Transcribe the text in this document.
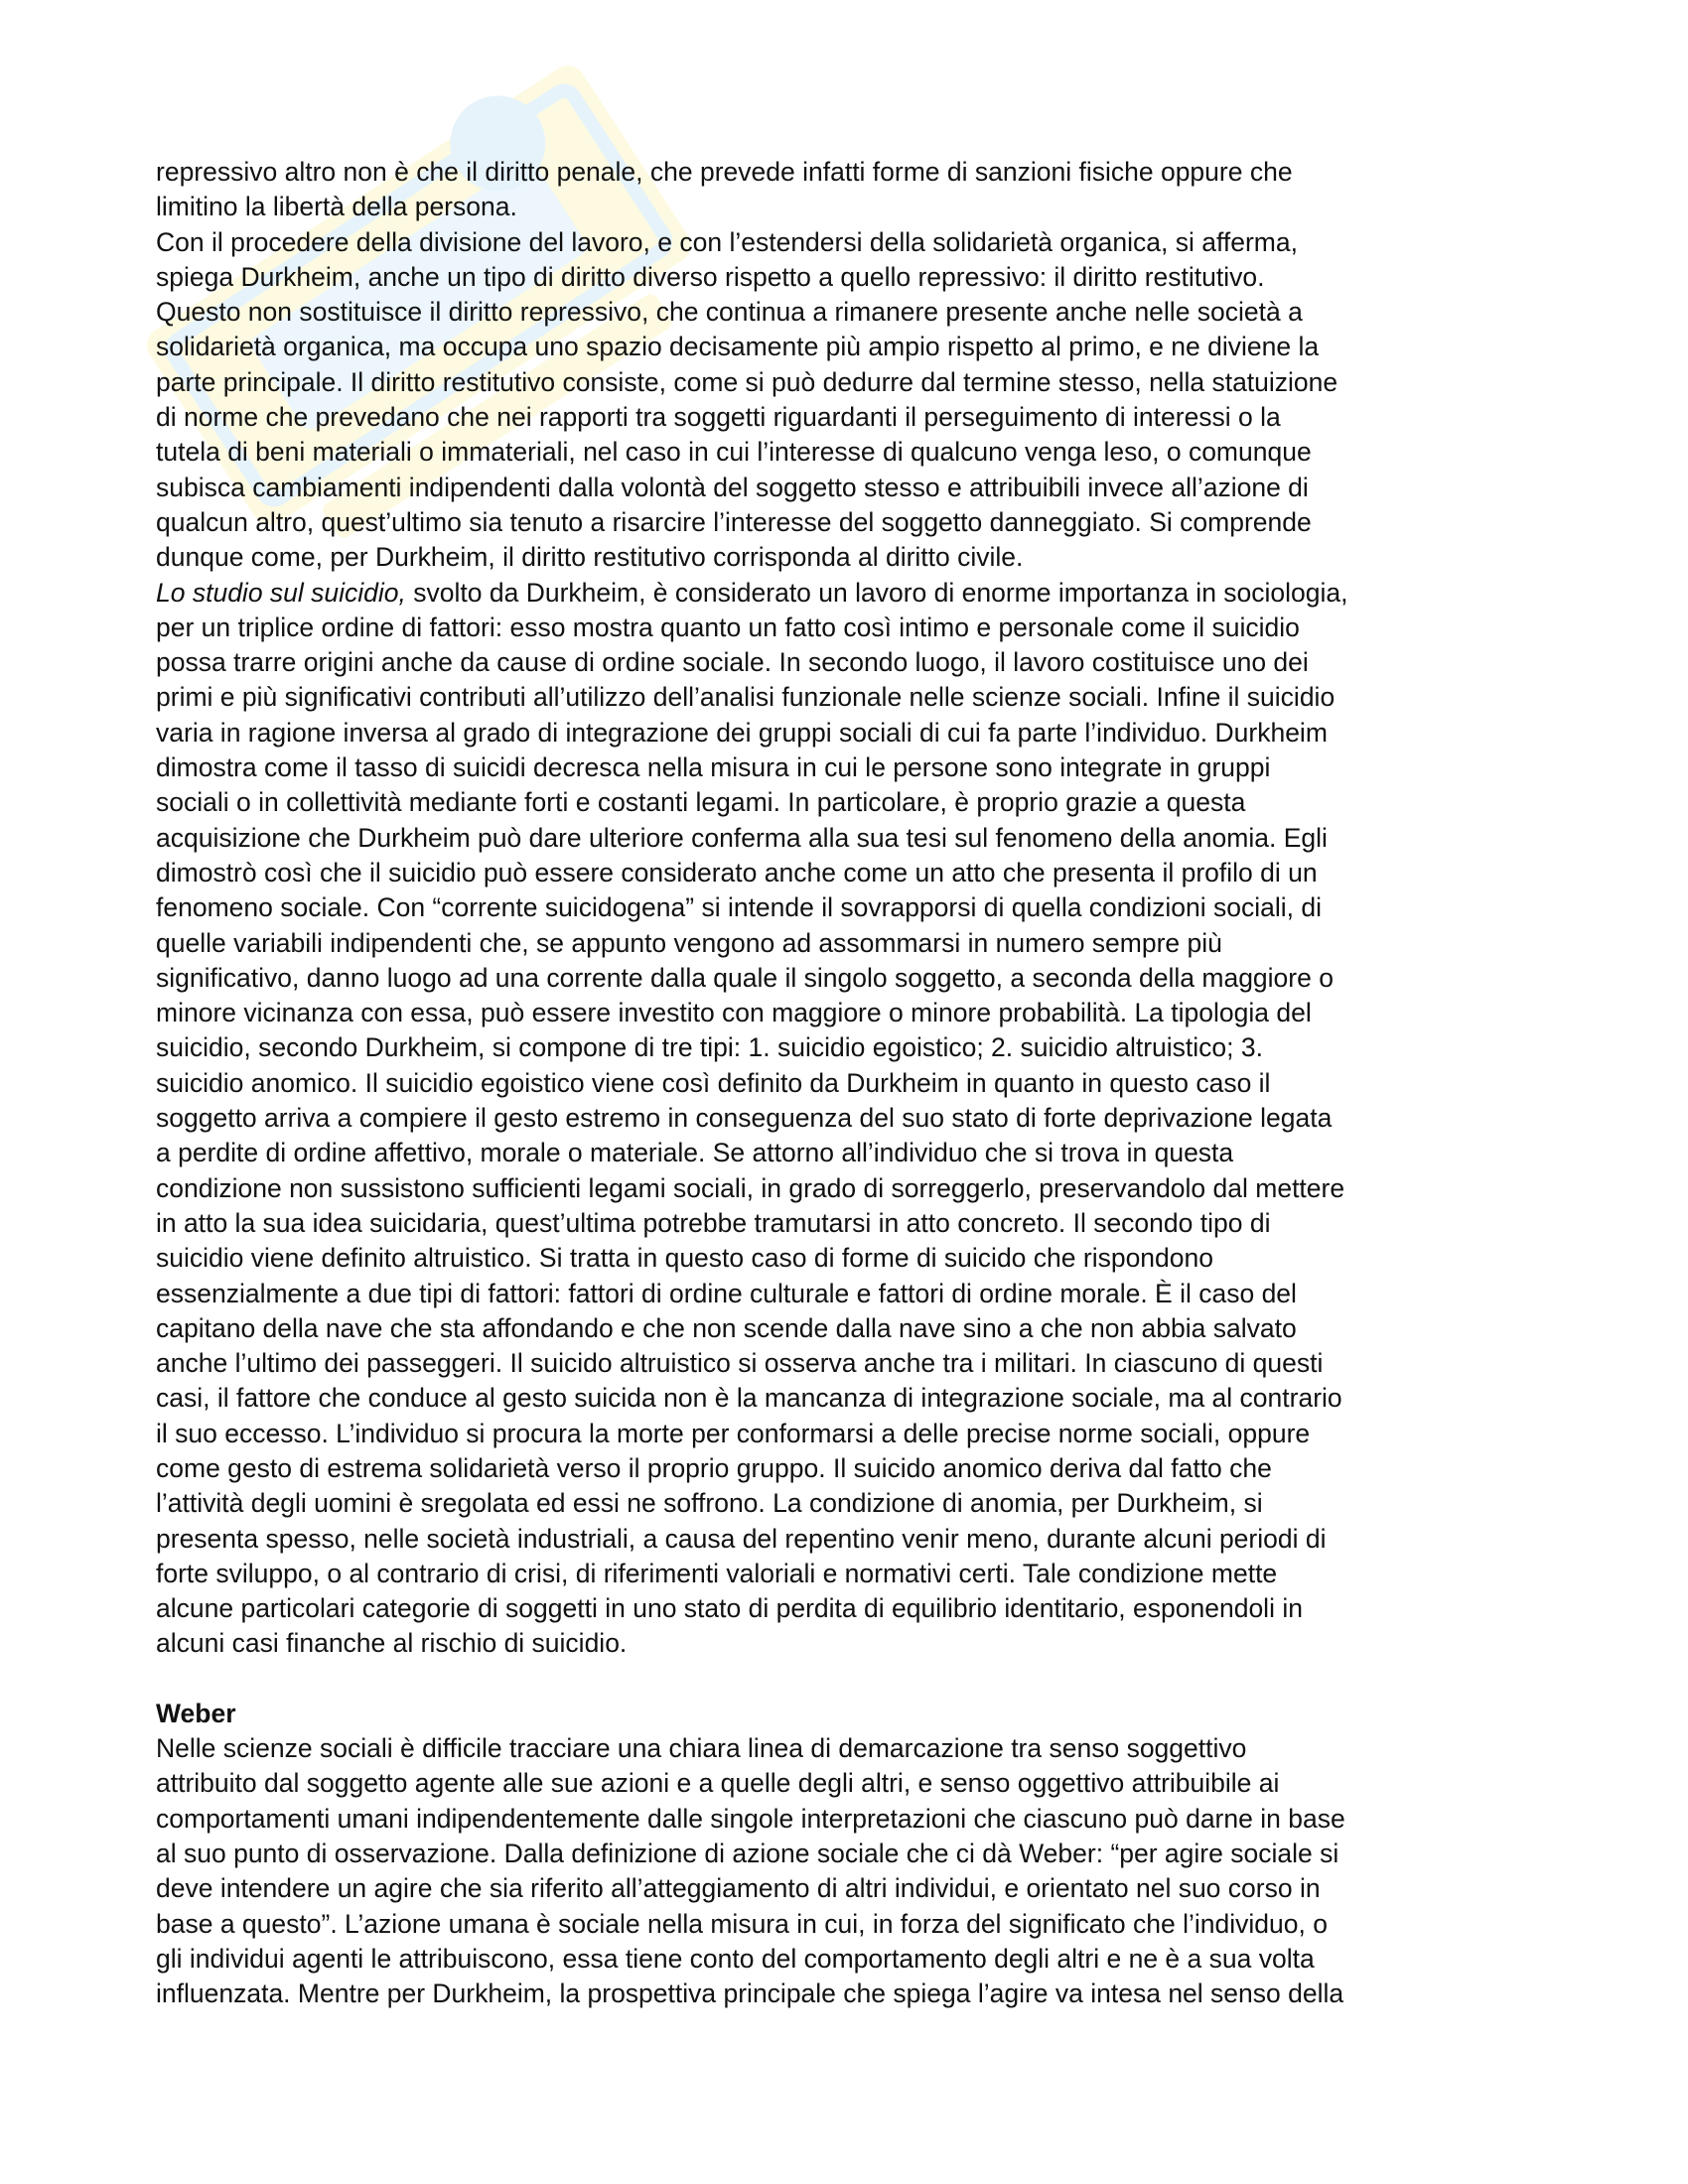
repressivo altro non è che il diritto penale, che prevede infatti forme di sanzioni fisiche oppure che
limitino la libertà della persona.
Con il procedere della divisione del lavoro, e con l’estendersi della solidarietà organica, si afferma,
spiega Durkheim, anche un tipo di diritto diverso rispetto a quello repressivo: il diritto restitutivo.
Questo non sostituisce il diritto repressivo, che continua a rimanere presente anche nelle società a
solidarietà organica, ma occupa uno spazio decisamente più ampio rispetto al primo, e ne diviene la
parte principale. Il diritto restitutivo consiste, come si può dedurre dal termine stesso, nella statuizione
di norme che prevedano che nei rapporti tra soggetti riguardanti il perseguimento di interessi o la
tutela di beni materiali o immateriali, nel caso in cui l’interesse di qualcuno venga leso, o comunque
subisca cambiamenti indipendenti dalla volontà del soggetto stesso e attribuibili invece all’azione di
qualcun altro, quest’ultimo sia tenuto a risarcire l’interesse del soggetto danneggiato. Si comprende
dunque come, per Durkheim, il diritto restitutivo corrisponda al diritto civile.
Lo studio sul suicidio, svolto da Durkheim, è considerato un lavoro di enorme importanza in sociologia,
per un triplice ordine di fattori: esso mostra quanto un fatto così intimo e personale come il suicidio
possa trarre origini anche da cause di ordine sociale. In secondo luogo, il lavoro costituisce uno dei
primi e più significativi contributi all’utilizzo dell’analisi funzionale nelle scienze sociali. Infine il suicidio
varia in ragione inversa al grado di integrazione dei gruppi sociali di cui fa parte l’individuo. Durkheim
dimostra come il tasso di suicidi decresca nella misura in cui le persone sono integrate in gruppi
sociali o in collettività mediante forti e costanti legami. In particolare, è proprio grazie a questa
acquisizione che Durkheim può dare ulteriore conferma alla sua tesi sul fenomeno della anomia. Egli
dimostrò così che il suicidio può essere considerato anche come un atto che presenta il profilo di un
fenomeno sociale. Con “corrente suicidogena” si intende il sovrapporsi di quella condizioni sociali, di
quelle variabili indipendenti che, se appunto vengono ad assommarsi in numero sempre più
significativo, danno luogo ad una corrente dalla quale il singolo soggetto, a seconda della maggiore o
minore vicinanza con essa, può essere investito con maggiore o minore probabilità. La tipologia del
suicidio, secondo Durkheim, si compone di tre tipi: 1. suicidio egoistico; 2. suicidio altruistico; 3.
suicidio anomico. Il suicidio egoistico viene così definito da Durkheim in quanto in questo caso il
soggetto arriva a compiere il gesto estremo in conseguenza del suo stato di forte deprivazione legata
a perdite di ordine affettivo, morale o materiale. Se attorno all’individuo che si trova in questa
condizione non sussistono sufficienti legami sociali, in grado di sorreggerlo, preservandolo dal mettere
in atto la sua idea suicidaria, quest’ultima potrebbe tramutarsi in atto concreto. Il secondo tipo di
suicidio viene definito altruistico. Si tratta in questo caso di forme di suicido che rispondono
essenzialmente a due tipi di fattori: fattori di ordine culturale e fattori di ordine morale. È il caso del
capitano della nave che sta affondando e che non scende dalla nave sino a che non abbia salvato
anche l’ultimo dei passeggeri. Il suicido altruistico si osserva anche tra i militari. In ciascuno di questi
casi, il fattore che conduce al gesto suicida non è la mancanza di integrazione sociale, ma al contrario
il suo eccesso. L’individuo si procura la morte per conformarsi a delle precise norme sociali, oppure
come gesto di estrema solidarietà verso il proprio gruppo. Il suicido anomico deriva dal fatto che
l’attività degli uomini è sregolata ed essi ne soffrono. La condizione di anomia, per Durkheim, si
presenta spesso, nelle società industriali, a causa del repentino venir meno, durante alcuni periodi di
forte sviluppo, o al contrario di crisi, di riferimenti valoriali e normativi certi. Tale condizione mette
alcune particolari categorie di soggetti in uno stato di perdita di equilibrio identitario, esponendoli in
alcuni casi finanche al rischio di suicidio.
Weber
Nelle scienze sociali è difficile tracciare una chiara linea di demarcazione tra senso soggettivo
attribuito dal soggetto agente alle sue azioni e a quelle degli altri, e senso oggettivo attribuibile ai
comportamenti umani indipendentemente dalle singole interpretazioni che ciascuno può darne in base
al suo punto di osservazione. Dalla definizione di azione sociale che ci dà Weber: “per agire sociale si
deve intendere un agire che sia riferito all’atteggiamento di altri individui, e orientato nel suo corso in
base a questo”. L’azione umana è sociale nella misura in cui, in forza del significato che l’individuo, o
gli individui agenti le attribuiscono, essa tiene conto del comportamento degli altri e ne è a sua volta
influenzata. Mentre per Durkheim, la prospettiva principale che spiega l’agire va intesa nel senso della
